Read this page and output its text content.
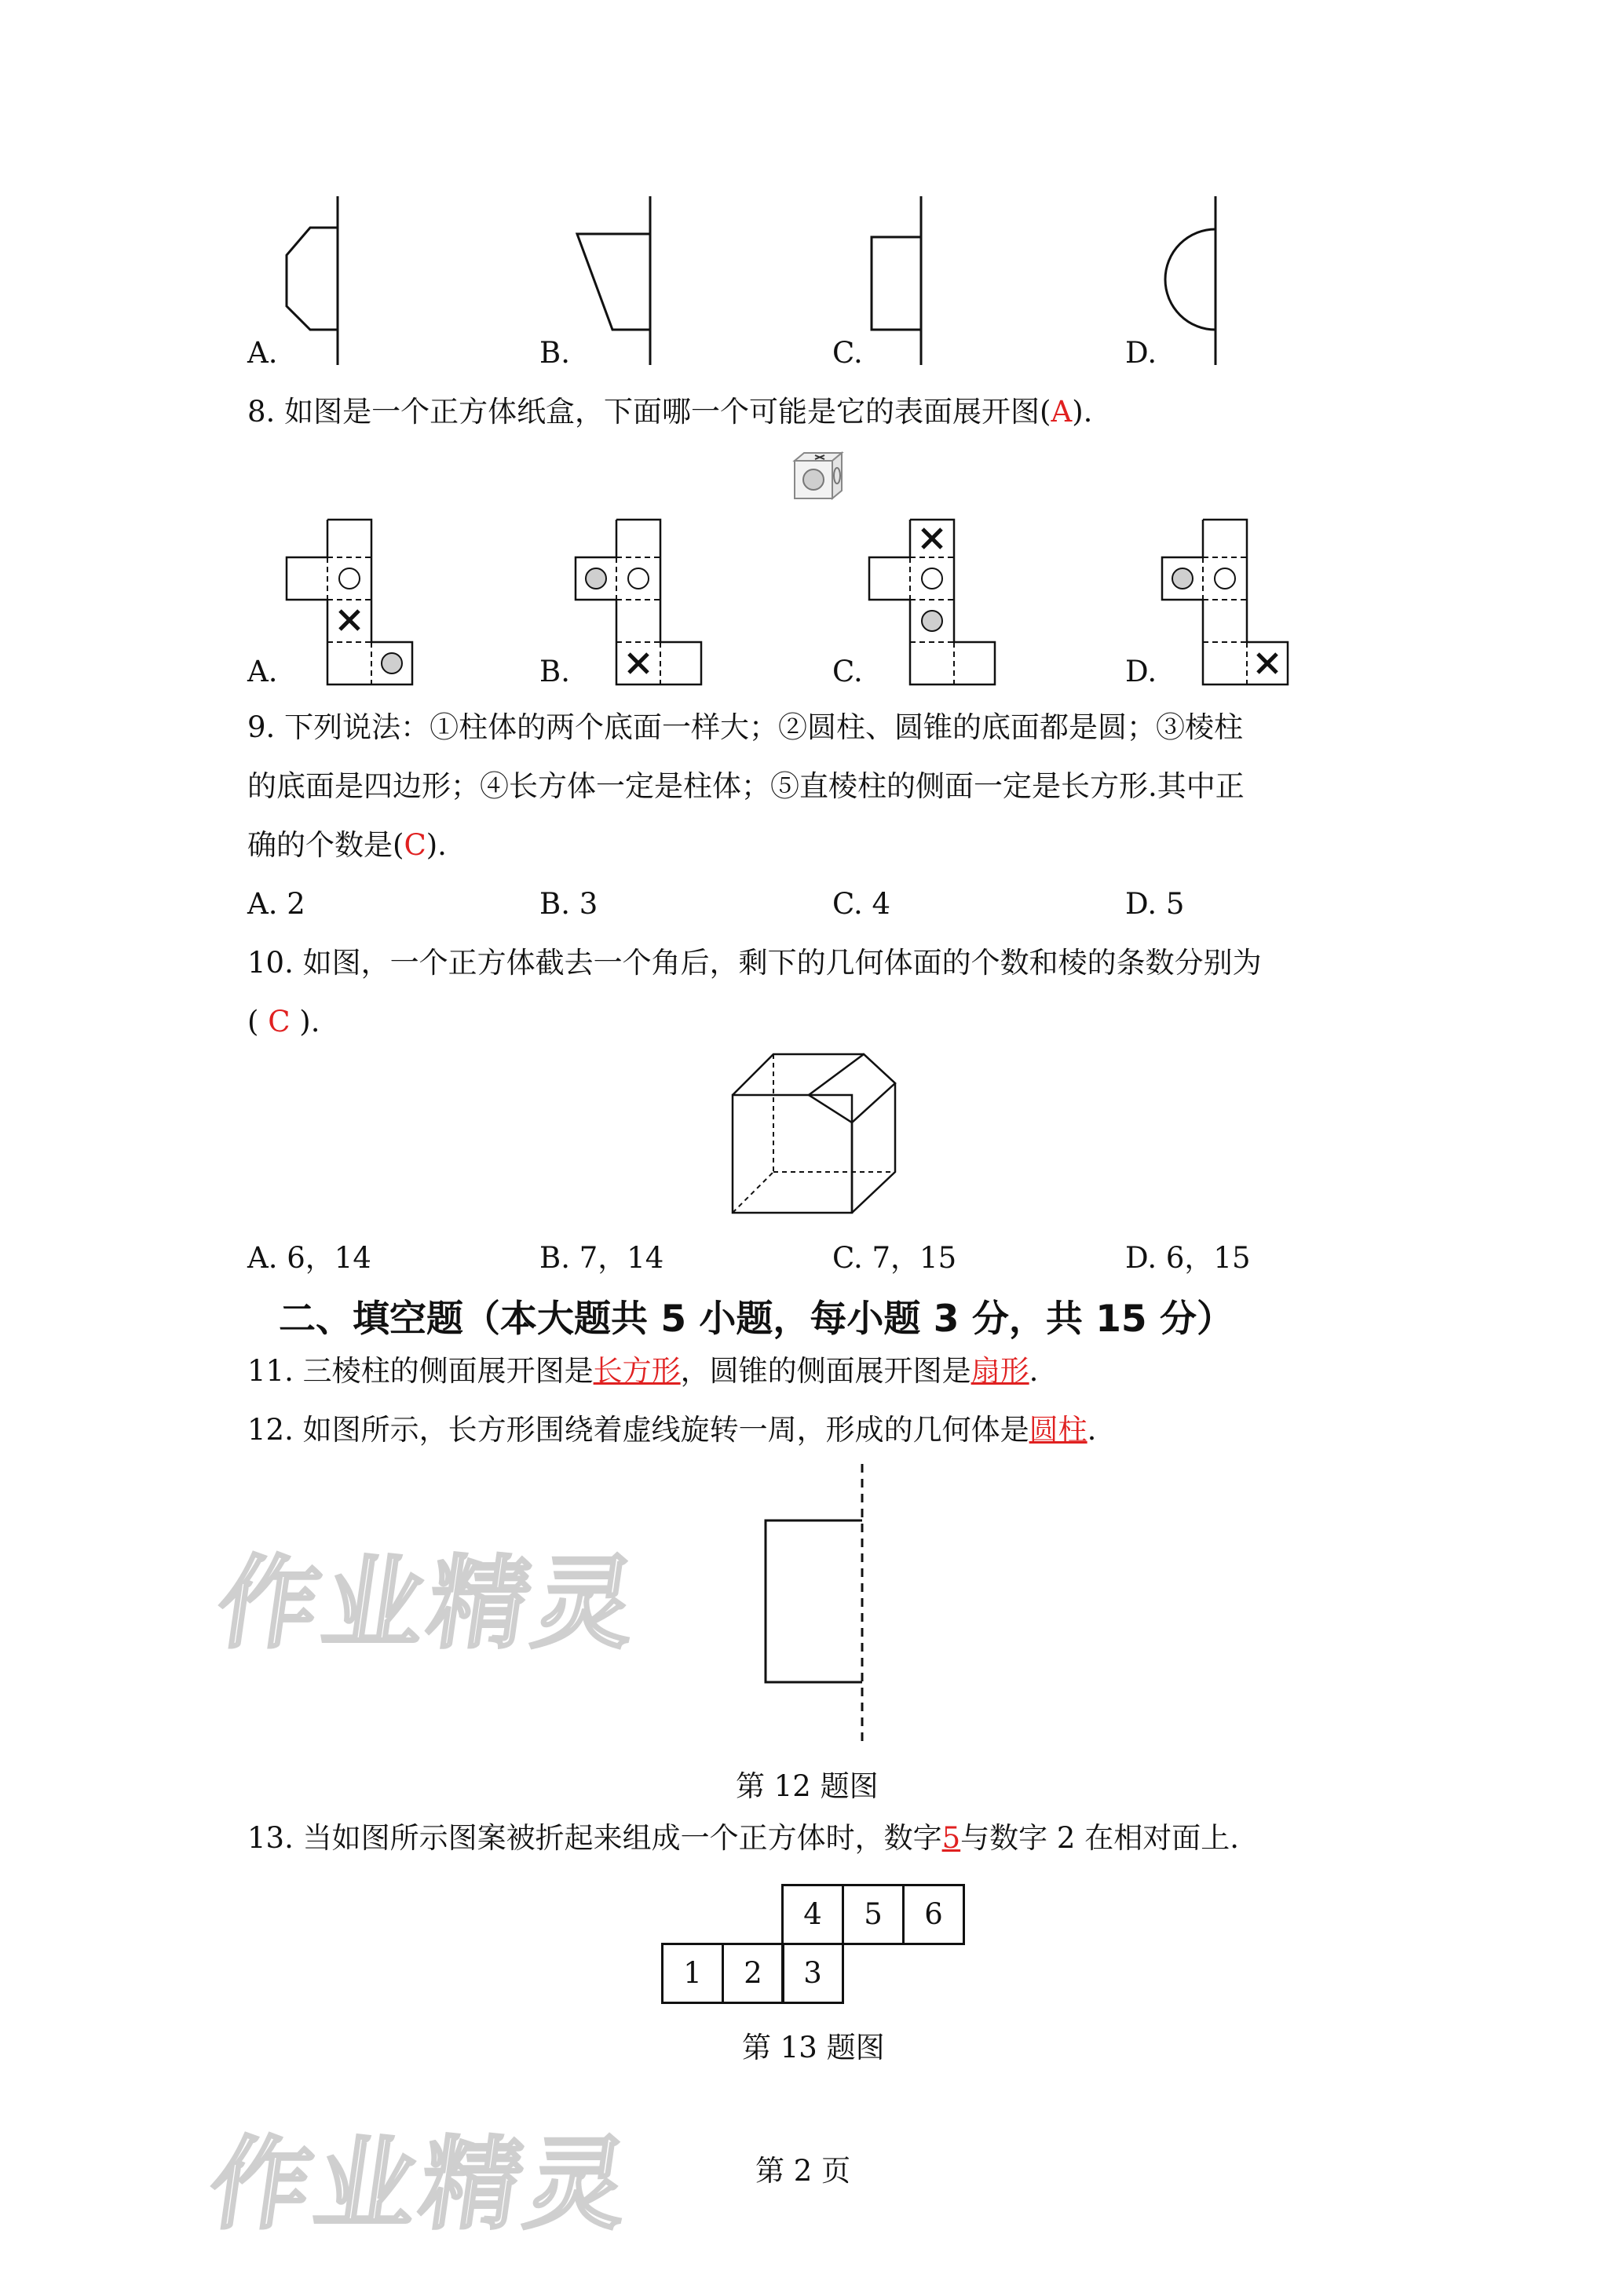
A.	B.	C.	D.
8. 如图是一个正方体纸盒，下面哪一个可能是它的表面展开图(A).
A.	B.	C.	D.
9. 下列说法：①柱体的两个底面一样大；②圆柱、圆锥的底面都是圆；③棱柱
的底面是四边形；④长方体一定是柱体；⑤直棱柱的侧面一定是长方形.其中正
确的个数是(C).
A. 2	B. 3	C. 4	D. 5
10. 如图，一个正方体截去一个角后，剩下的几何体面的个数和棱的条数分别为
( C ).
A. 6，14	B. 7，14	C. 7，15	D. 6，15
二、填空题（本大题共 5 小题，每小题 3 分，共 15 分）
11. 三棱柱的侧面展开图是长方形，圆锥的侧面展开图是扇形.
12. 如图所示，长方形围绕着虚线旋转一周，形成的几何体是圆柱.
第 12 题图
13. 当如图所示图案被折起来组成一个正方体时，数字5与数字 2 在相对面上.
4	5	6
1	2	3
第 13 题图
作业精灵
作业精灵	第 2 页
